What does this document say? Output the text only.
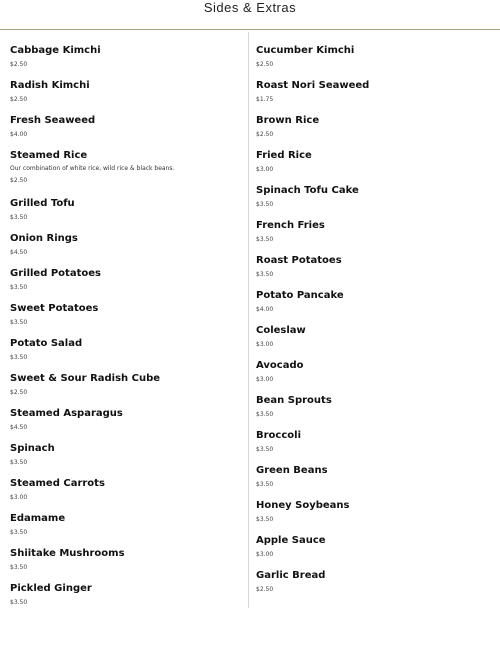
Sides & Extras
Cabbage Kimchi
$2.50
Radish Kimchi
$2.50
Fresh Seaweed
$4.00
Steamed Rice
Our combination of white rice, wild rice & black beans.
$2.50
Grilled Tofu
$3.50
Onion Rings
$4.50
Grilled Potatoes
$3.50
Sweet Potatoes
$3.50
Potato Salad
$3.50
Sweet & Sour Radish Cube
$2.50
Steamed Asparagus
$4.50
Spinach
$3.50
Steamed Carrots
$3.00
Edamame
$3.50
Shiitake Mushrooms
$3.50
Pickled Ginger
$3.50
Cucumber Kimchi
$2.50
Roast Nori Seaweed
$1.75
Brown Rice
$2.50
Fried Rice
$3.00
Spinach Tofu Cake
$3.50
French Fries
$3.50
Roast Potatoes
$3.50
Potato Pancake
$4.00
Coleslaw
$3.00
Avocado
$3.00
Bean Sprouts
$3.50
Broccoli
$3.50
Green Beans
$3.50
Honey Soybeans
$3.50
Apple Sauce
$3.00
Garlic Bread
$2.50
